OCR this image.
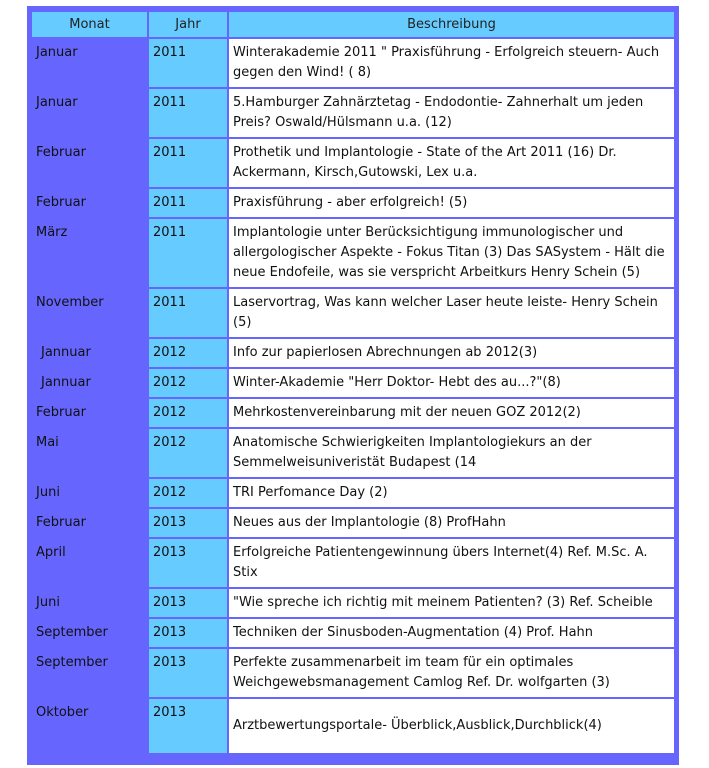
Monat	Jahr	Beschreibung
Januar	2011	Winterakademie 2011 " Praxisführung - Erfolgreich steuern- Auch gegen den Wind! ( 8)
Januar	2011	5.Hamburger Zahnärztetag - Endodontie- Zahnerhalt um jeden Preis? Oswald/Hülsmann u.a. (12)
Februar	2011	Prothetik und Implantologie - State of the Art 2011 (16) Dr. Ackermann, Kirsch,Gutowski, Lex u.a.
Februar	2011	Praxisführung - aber erfolgreich! (5)
März	2011	Implantologie unter Berücksichtigung immunologischer und allergologischer Aspekte - Fokus Titan (3) Das SASystem - Hält die neue Endofeile, was sie verspricht Arbeitkurs Henry Schein (5)
November	2011	Laservortrag, Was kann welcher Laser heute leiste- Henry Schein (5)
Jannuar	2012	Info zur papierlosen Abrechnungen ab 2012(3)
Jannuar	2012	Winter-Akademie "Herr Doktor- Hebt des au...?"(8)
Februar	2012	Mehrkostenvereinbarung mit der neuen GOZ 2012(2)
Mai	2012	Anatomische Schwierigkeiten Implantologiekurs an der Semmelweisuniveristät Budapest (14
Juni	2012	TRI Perfomance Day (2)
Februar	2013	Neues aus der Implantologie (8) ProfHahn
April	2013	Erfolgreiche Patientengewinnung übers Internet(4) Ref. M.Sc. A. Stix
Juni	2013	"Wie spreche ich richtig mit meinem Patienten? (3) Ref. Scheible
September	2013	Techniken der Sinusboden-Augmentation (4) Prof. Hahn
September	2013	Perfekte zusammenarbeit im team für ein optimales Weichgewebsmanagement Camlog Ref. Dr. wolfgarten (3)
Oktober	2013	Arztbewertungsportale- Überblick,Ausblick,Durchblick(4)
